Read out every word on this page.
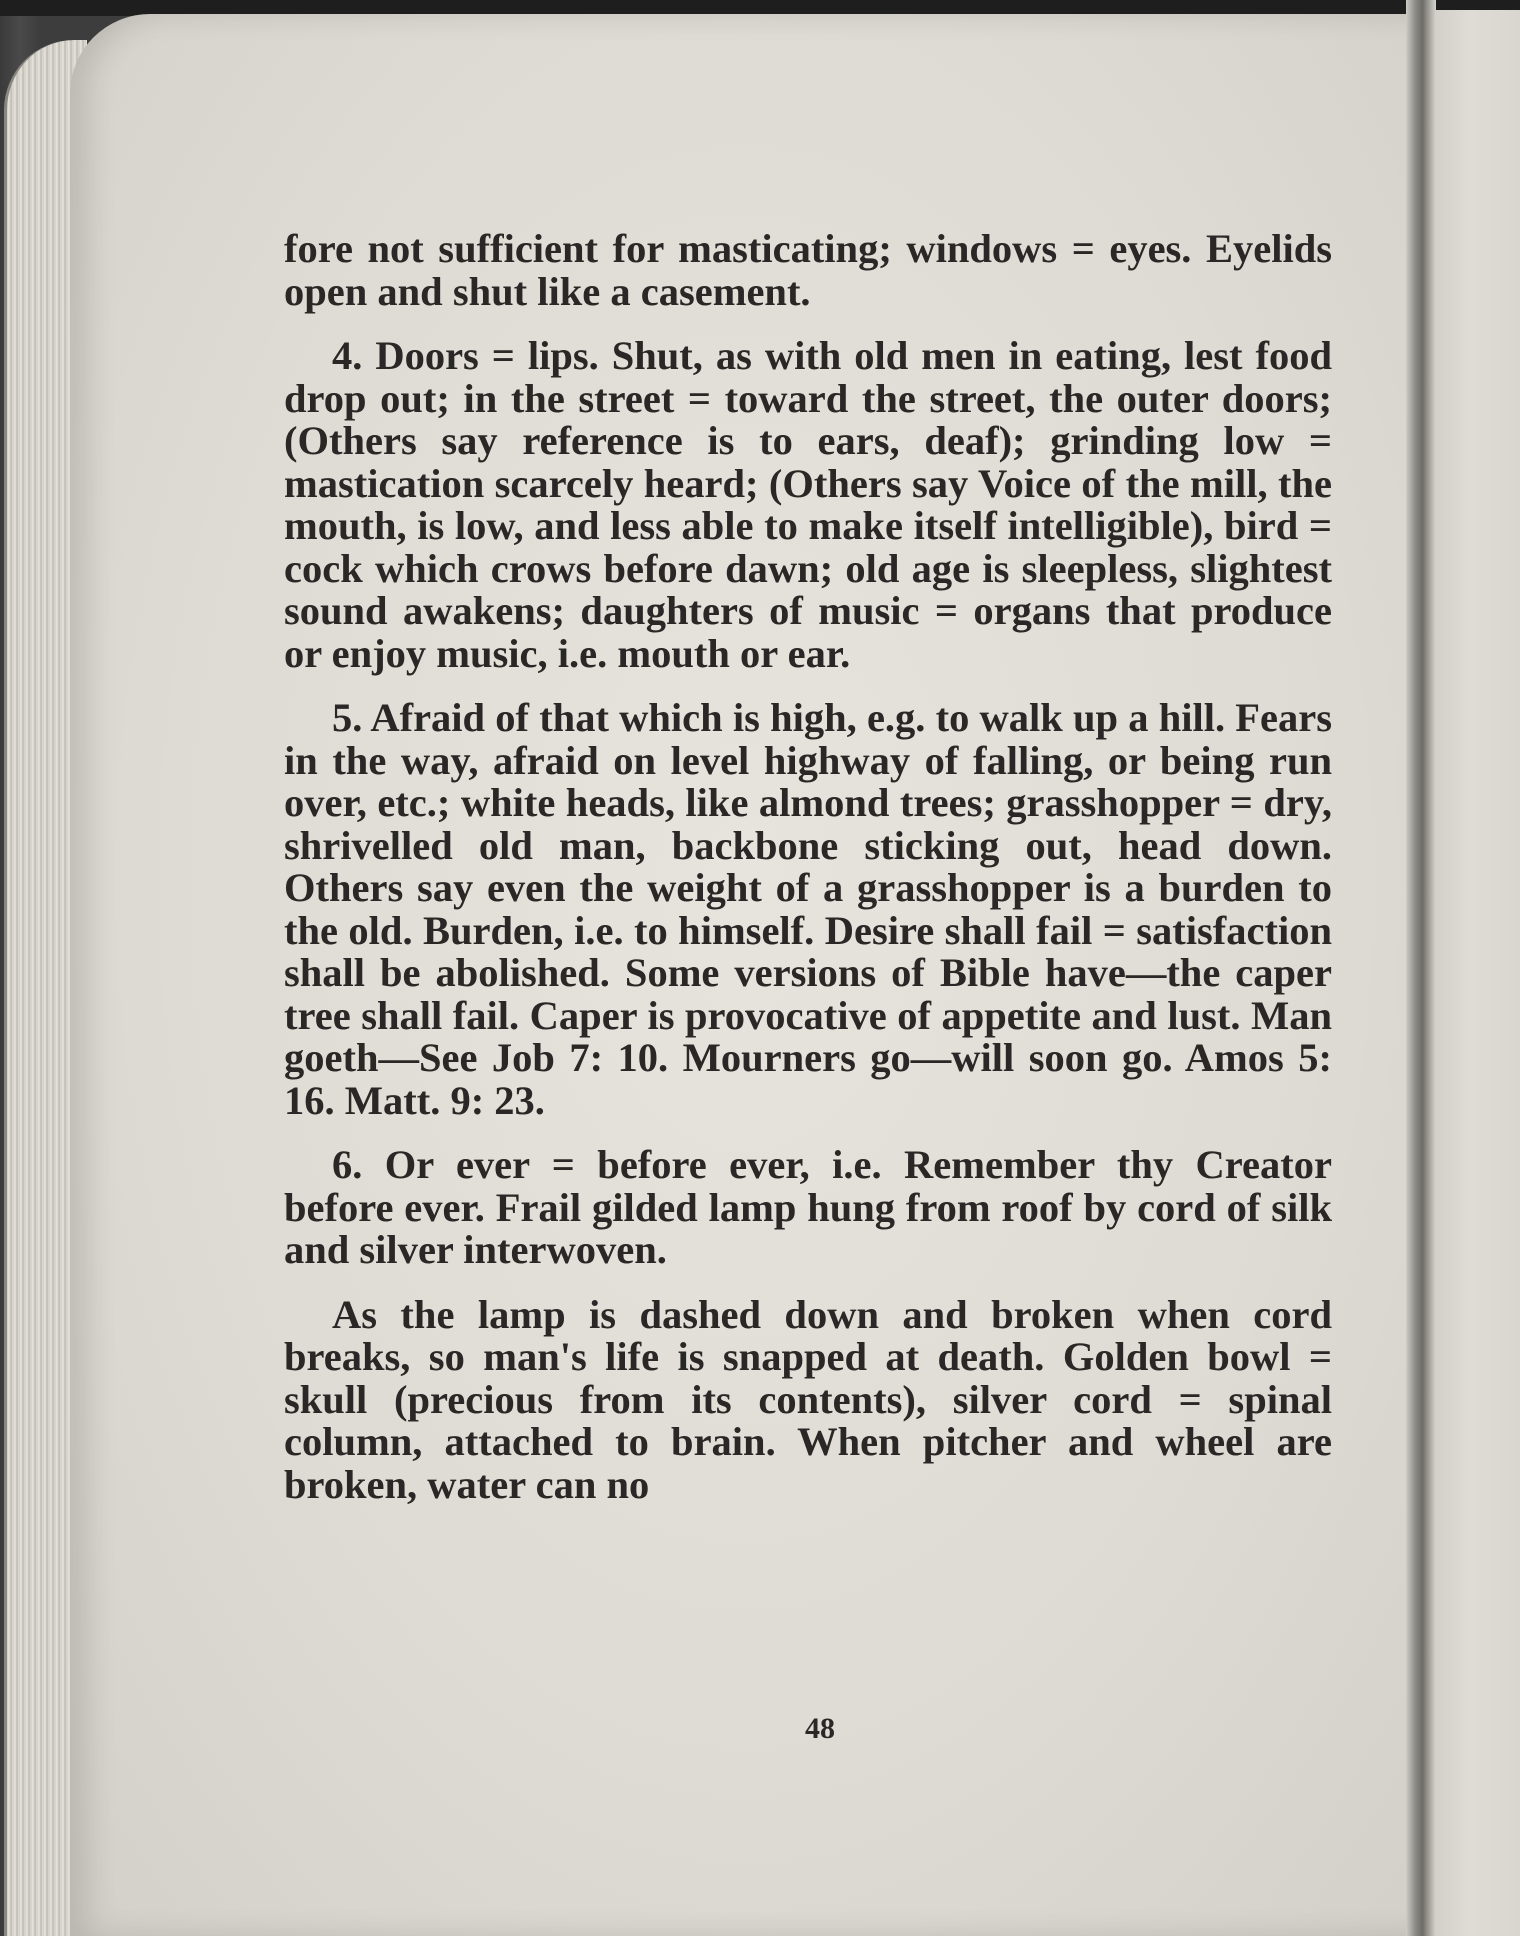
fore not sufficient for masticating; windows = eyes. Eyelids open and shut like a casement.

4. Doors = lips. Shut, as with old men in eating, lest food drop out; in the street = toward the street, the outer doors; (Others say reference is to ears, deaf); grinding low = mastication scarcely heard; (Others say Voice of the mill, the mouth, is low, and less able to make itself intelligible), bird = cock which crows before dawn; old age is sleepless, slightest sound awakens; daughters of music = organs that produce or enjoy music, i.e. mouth or ear.

5. Afraid of that which is high, e.g. to walk up a hill. Fears in the way, afraid on level highway of falling, or being run over, etc.; white heads, like almond trees; grasshopper = dry, shrivelled old man, backbone sticking out, head down. Others say even the weight of a grasshopper is a burden to the old. Burden, i.e. to himself. Desire shall fail = satisfaction shall be abolished. Some versions of Bible have—the caper tree shall fail. Caper is provocative of appetite and lust. Man goeth—See Job 7: 10. Mourners go—will soon go. Amos 5: 16. Matt. 9: 23.

6. Or ever = before ever, i.e. Remember thy Creator before ever. Frail gilded lamp hung from roof by cord of silk and silver interwoven.

As the lamp is dashed down and broken when cord breaks, so man's life is snapped at death. Golden bowl = skull (precious from its contents), silver cord = spinal column, attached to brain. When pitcher and wheel are broken, water can no

48
